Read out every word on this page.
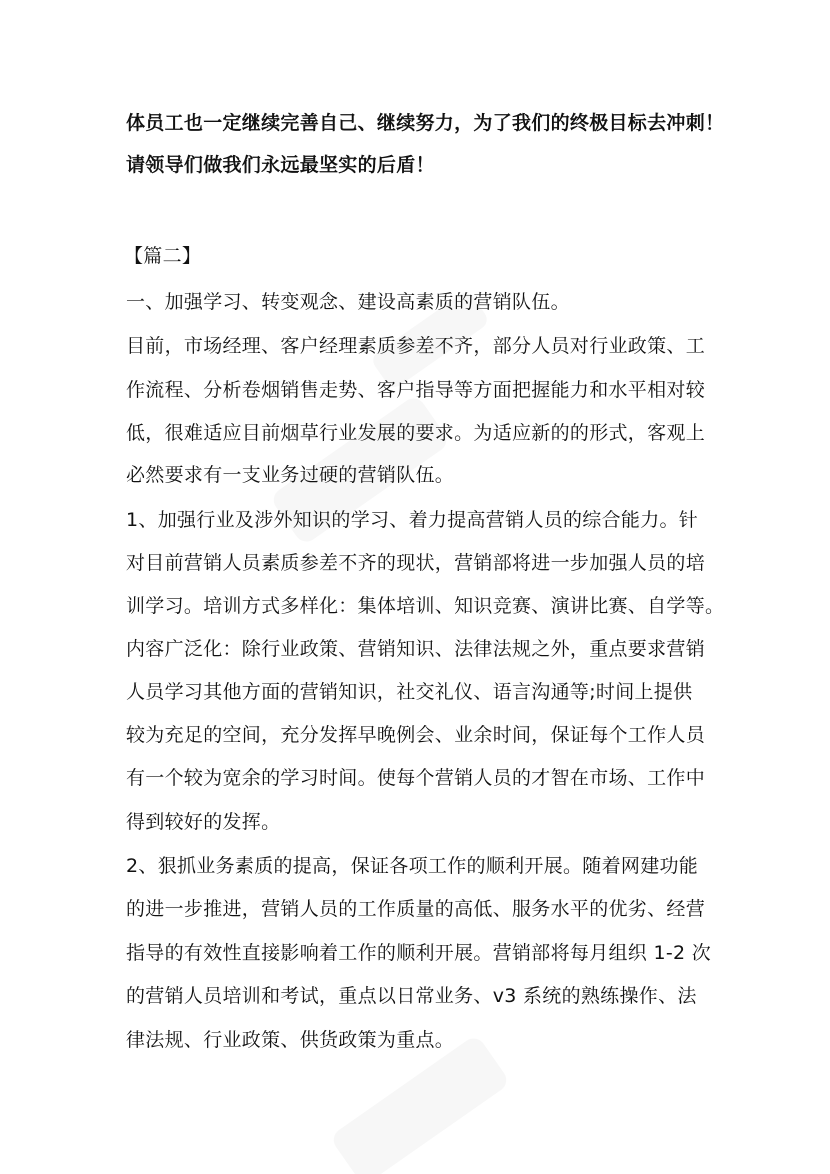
体员工也一定继续完善自己、继续努力，为了我们的终极目标去冲刺！
请领导们做我们永远最坚实的后盾！
【篇二】
一、加强学习、转变观念、建设高素质的营销队伍。
目前，市场经理、客户经理素质参差不齐，部分人员对行业政策、工
作流程、分析卷烟销售走势、客户指导等方面把握能力和水平相对较
低，很难适应目前烟草行业发展的要求。为适应新的的形式，客观上
必然要求有一支业务过硬的营销队伍。
1、加强行业及涉外知识的学习、着力提高营销人员的综合能力。针
对目前营销人员素质参差不齐的现状，营销部将进一步加强人员的培
训学习。培训方式多样化：集体培训、知识竞赛、演讲比赛、自学等。
内容广泛化：除行业政策、营销知识、法律法规之外，重点要求营销
人员学习其他方面的营销知识，社交礼仪、语言沟通等;时间上提供
较为充足的空间，充分发挥早晚例会、业余时间，保证每个工作人员
有一个较为宽余的学习时间。使每个营销人员的才智在市场、工作中
得到较好的发挥。
2、狠抓业务素质的提高，保证各项工作的顺利开展。随着网建功能
的进一步推进，营销人员的工作质量的高低、服务水平的优劣、经营
指导的有效性直接影响着工作的顺利开展。营销部将每月组织 1-2 次
的营销人员培训和考试，重点以日常业务、v3 系统的熟练操作、法
律法规、行业政策、供货政策为重点。
